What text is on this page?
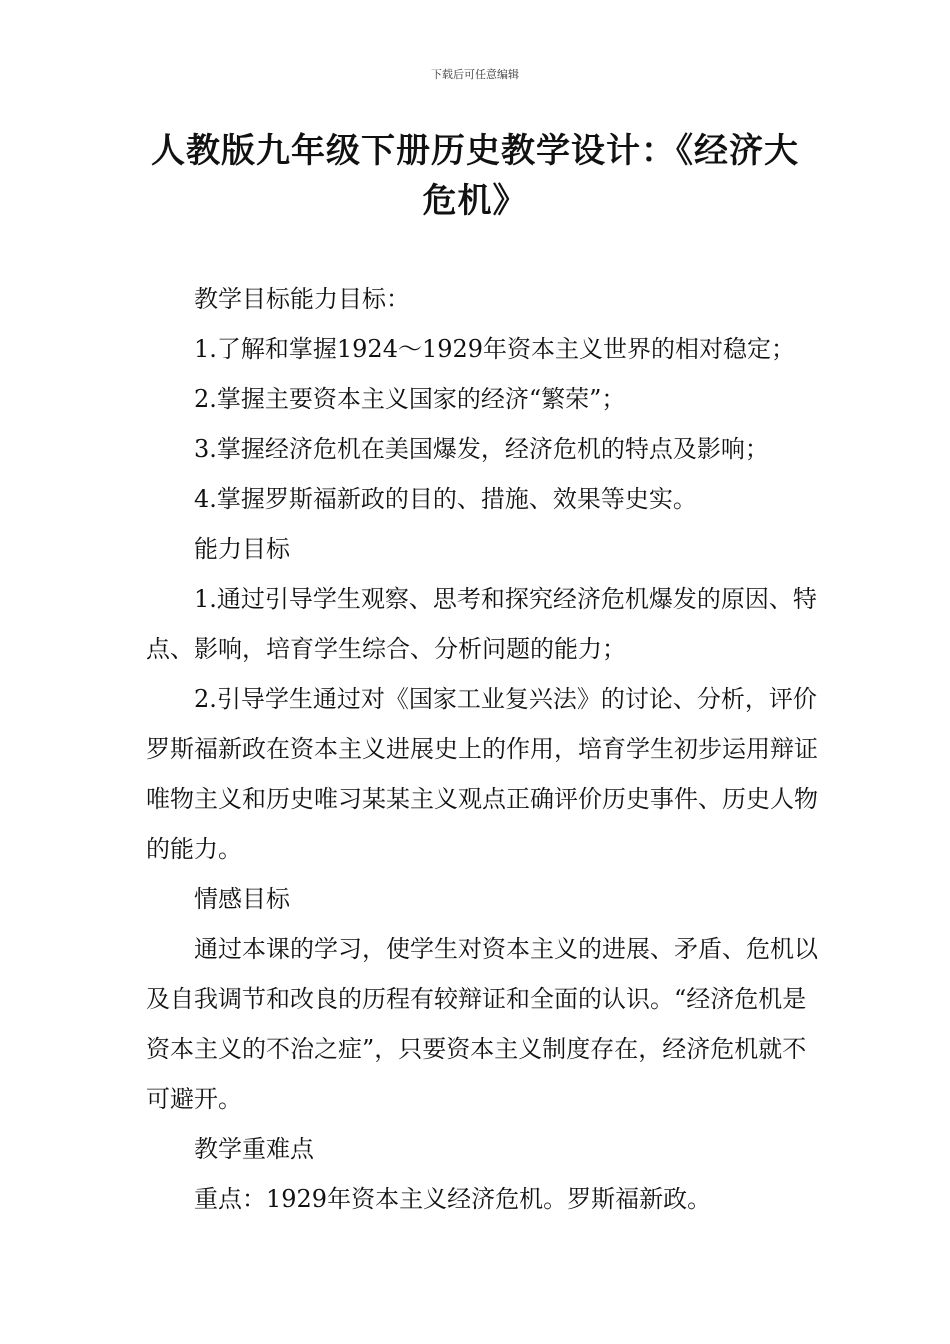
下载后可任意编辑
人教版九年级下册历史教学设计：《经济大危机》

教学目标能力目标：

1.了解和掌握1924～1929年资本主义世界的相对稳定；

2.掌握主要资本主义国家的经济“繁荣”；

3.掌握经济危机在美国爆发，经济危机的特点及影响；

4.掌握罗斯福新政的目的、措施、效果等史实。

能力目标

1.通过引导学生观察、思考和探究经济危机爆发的原因、特点、影响，培育学生综合、分析问题的能力；

2.引导学生通过对《国家工业复兴法》的讨论、分析，评价罗斯福新政在资本主义进展史上的作用，培育学生初步运用辩证唯物主义和历史唯习某某主义观点正确评价历史事件、历史人物的能力。

情感目标

通过本课的学习，使学生对资本主义的进展、矛盾、危机以及自我调节和改良的历程有较辩证和全面的认识。“经济危机是资本主义的不治之症”，只要资本主义制度存在，经济危机就不可避开。

教学重难点

重点：1929年资本主义经济危机。罗斯福新政。
